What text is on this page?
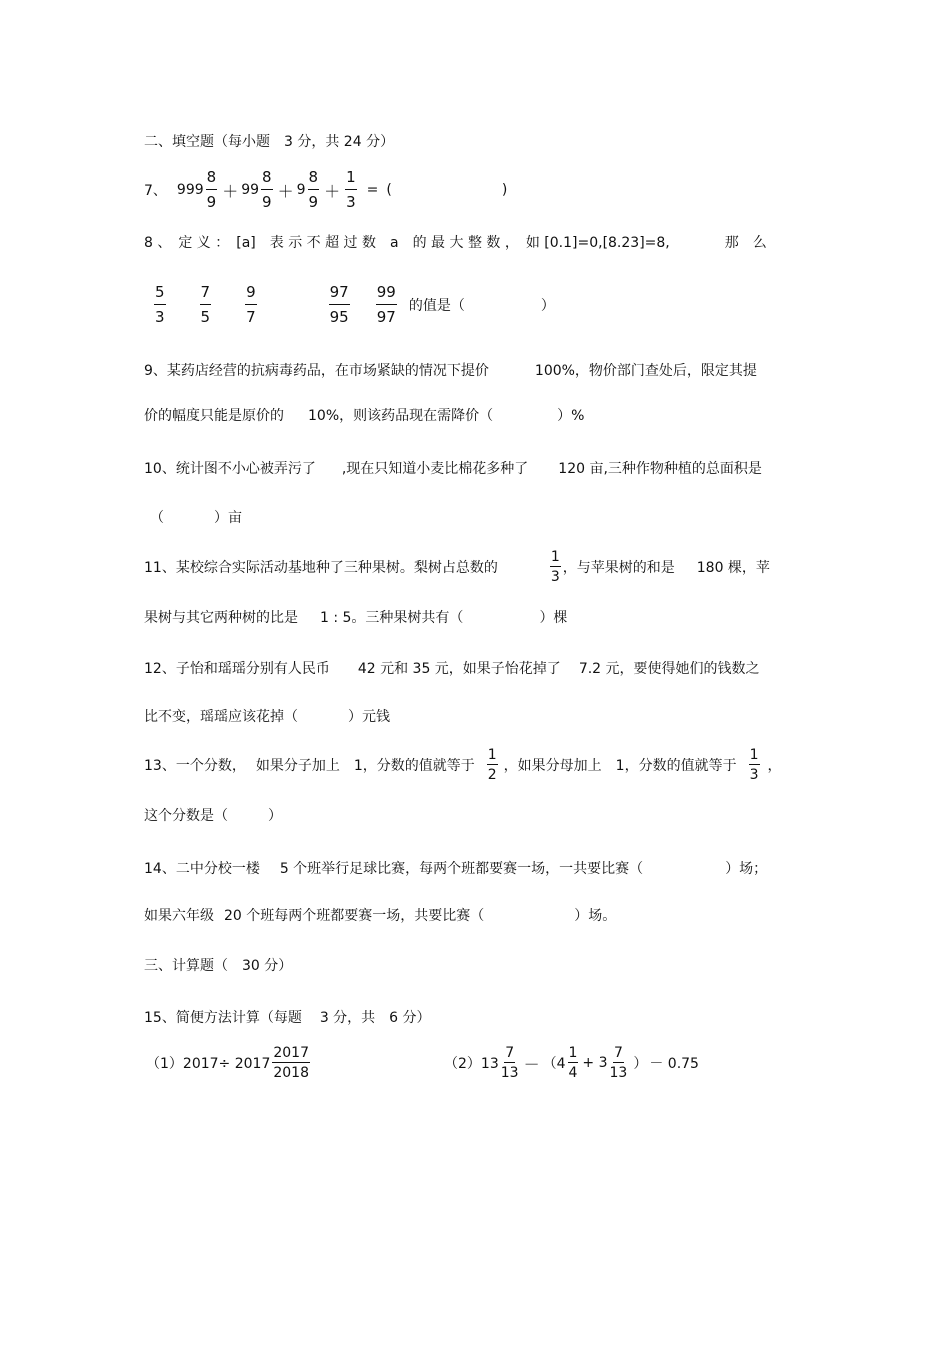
二、填空题（每小题　3 分，共 24 分）
7、 $999 \frac{8}{9} + 99 \frac{8}{9} + 9 \frac{8}{9} + \frac{1}{3}$ = (	)
8 、　定 义 ：　[a]　表 示 不 超 过 数　a　的 最 大 整 数 ，　如 [0.1]=0,[8.23]=8,	那　么
$\frac{5}{3} \frac{7}{5} \frac{9}{7}$	$\frac{97}{95} \frac{99}{97}$ 的值是（	）
9、某药店经营的抗病毒药品，在市场紧缺的情况下提价	100%，物价部门查处后，限定其提
价的幅度只能是原价的 10%，则该药品现在需降价（	）%
10、统计图不小心被弄污了 ,现在只知道小麦比棉花多种了 120 亩,三种作物种植的总面积是
（	）亩
11、某校综合实际活动基地种了三种果树。梨树占总数的	$\frac{1}{3}$ ，与苹果树的和是 180 棵，苹
果树与其它两种树的比是 1 : 5。三种果树共有（	）棵
12、子怡和瑶瑶分别有人民币 42 元和 35 元，如果子怡花掉了 7.2 元，要使得她们的钱数之
比不变，瑶瑶应该花掉（	）元钱
13、一个分数， 如果分子加上 1，分数的值就等于 $\frac{1}{2}$ ，如果分母加上 1，分数的值就等于 $\frac{1}{3}$ ，
这个分数是（	）
14、二中分校一楼 5 个班举行足球比赛，每两个班都要赛一场，一共要比赛（	）场；
如果六年级 20 个班每两个班都要赛一场，共要比赛（	）场。
三、计算题（　30 分）
15、简便方法计算（每题 3 分，共　6 分）
$(1)2017\div 2017 \frac{2017}{2018}$	$(2)13 \frac{7}{13} - (4 \frac{1}{4} + 3 \frac{7}{13}$ ） － 0.75
